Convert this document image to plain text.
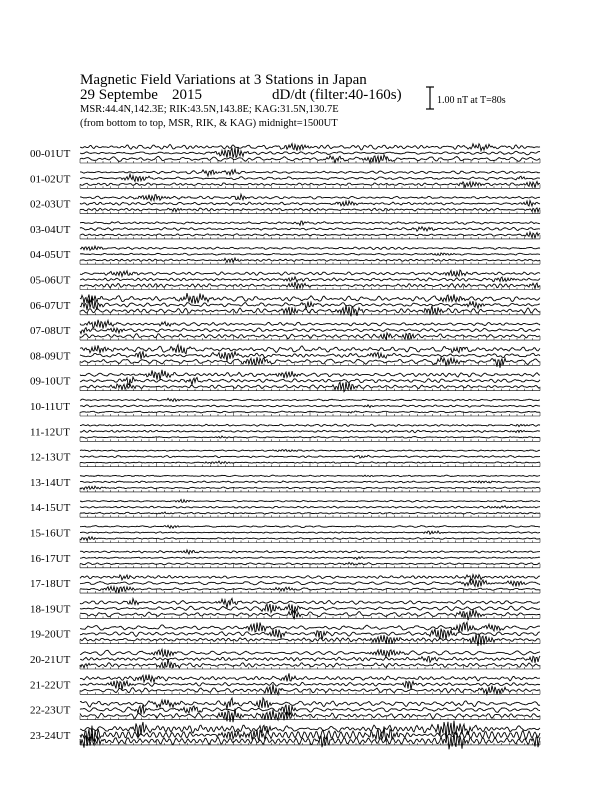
Magnetic Field Variations at 3 Stations in Japan
29 Septembe 2015	dD/dt (filter:40-160s)
MSR:44.4N,142.3E; RIK:43.5N,143.8E; KAG:31.5N,130.7E
(from bottom to top, MSR, RIK, & KAG) midnight=1500UT
1.00 nT at T=80s
00-01UT
01-02UT
02-03UT
03-04UT
04-05UT
05-06UT
06-07UT
07-08UT
08-09UT
09-10UT
10-11UT
11-12UT
12-13UT
13-14UT
14-15UT
15-16UT
16-17UT
17-18UT
18-19UT
19-20UT
20-21UT
21-22UT
22-23UT
23-24UT
